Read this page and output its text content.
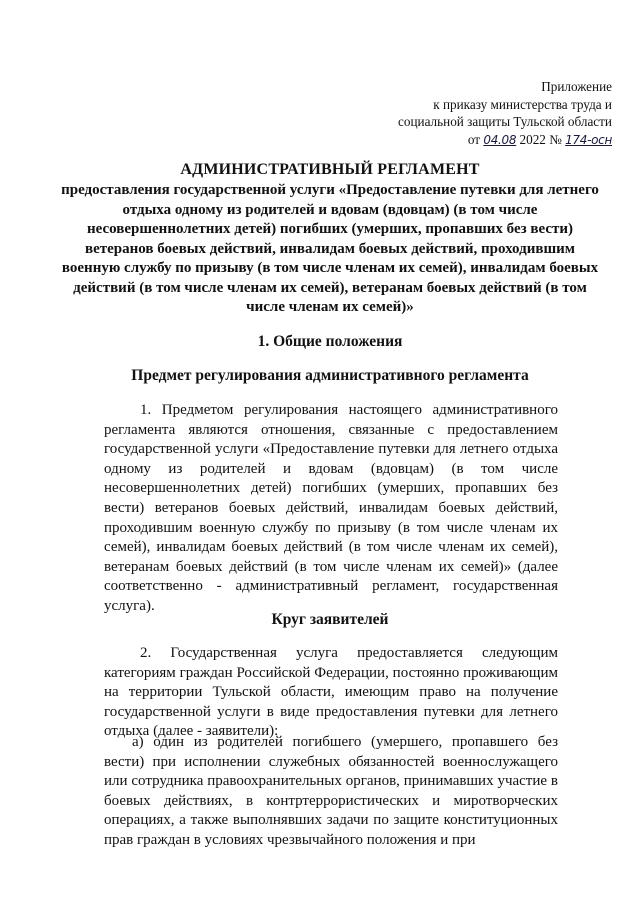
Приложение
к приказу министерства труда и
социальной защиты Тульской области
от 04.08 2022 № 174-осн
АДМИНИСТРАТИВНЫЙ РЕГЛАМЕНТ
предоставления государственной услуги «Предоставление путевки для летнего отдыха одному из родителей и вдовам (вдовцам) (в том числе несовершеннолетних детей) погибших (умерших, пропавших без вести) ветеранов боевых действий, инвалидам боевых действий, проходившим военную службу по призыву (в том числе членам их семей), инвалидам боевых действий (в том числе членам их семей), ветеранам боевых действий (в том числе членам их семей)»
1. Общие положения
Предмет регулирования административного регламента
1. Предметом регулирования настоящего административного регламента являются отношения, связанные с предоставлением государственной услуги «Предоставление путевки для летнего отдыха одному из родителей и вдовам (вдовцам) (в том числе несовершеннолетних детей) погибших (умерших, пропавших без вести) ветеранов боевых действий, инвалидам боевых действий, проходившим военную службу по призыву (в том числе членам их семей), инвалидам боевых действий (в том числе членам их семей), ветеранам боевых действий (в том числе членам их семей)» (далее соответственно - административный регламент, государственная услуга).
Круг заявителей
2. Государственная услуга предоставляется следующим категориям граждан Российской Федерации, постоянно проживающим на территории Тульской области, имеющим право на получение государственной услуги в виде предоставления путевки для летнего отдыха (далее - заявители):
а) один из родителей погибшего (умершего, пропавшего без вести) при исполнении служебных обязанностей военнослужащего или сотрудника правоохранительных органов, принимавших участие в боевых действиях, в контртеррористических и миротворческих операциях, а также выполнявших задачи по защите конституционных прав граждан в условиях чрезвычайного положения и при
